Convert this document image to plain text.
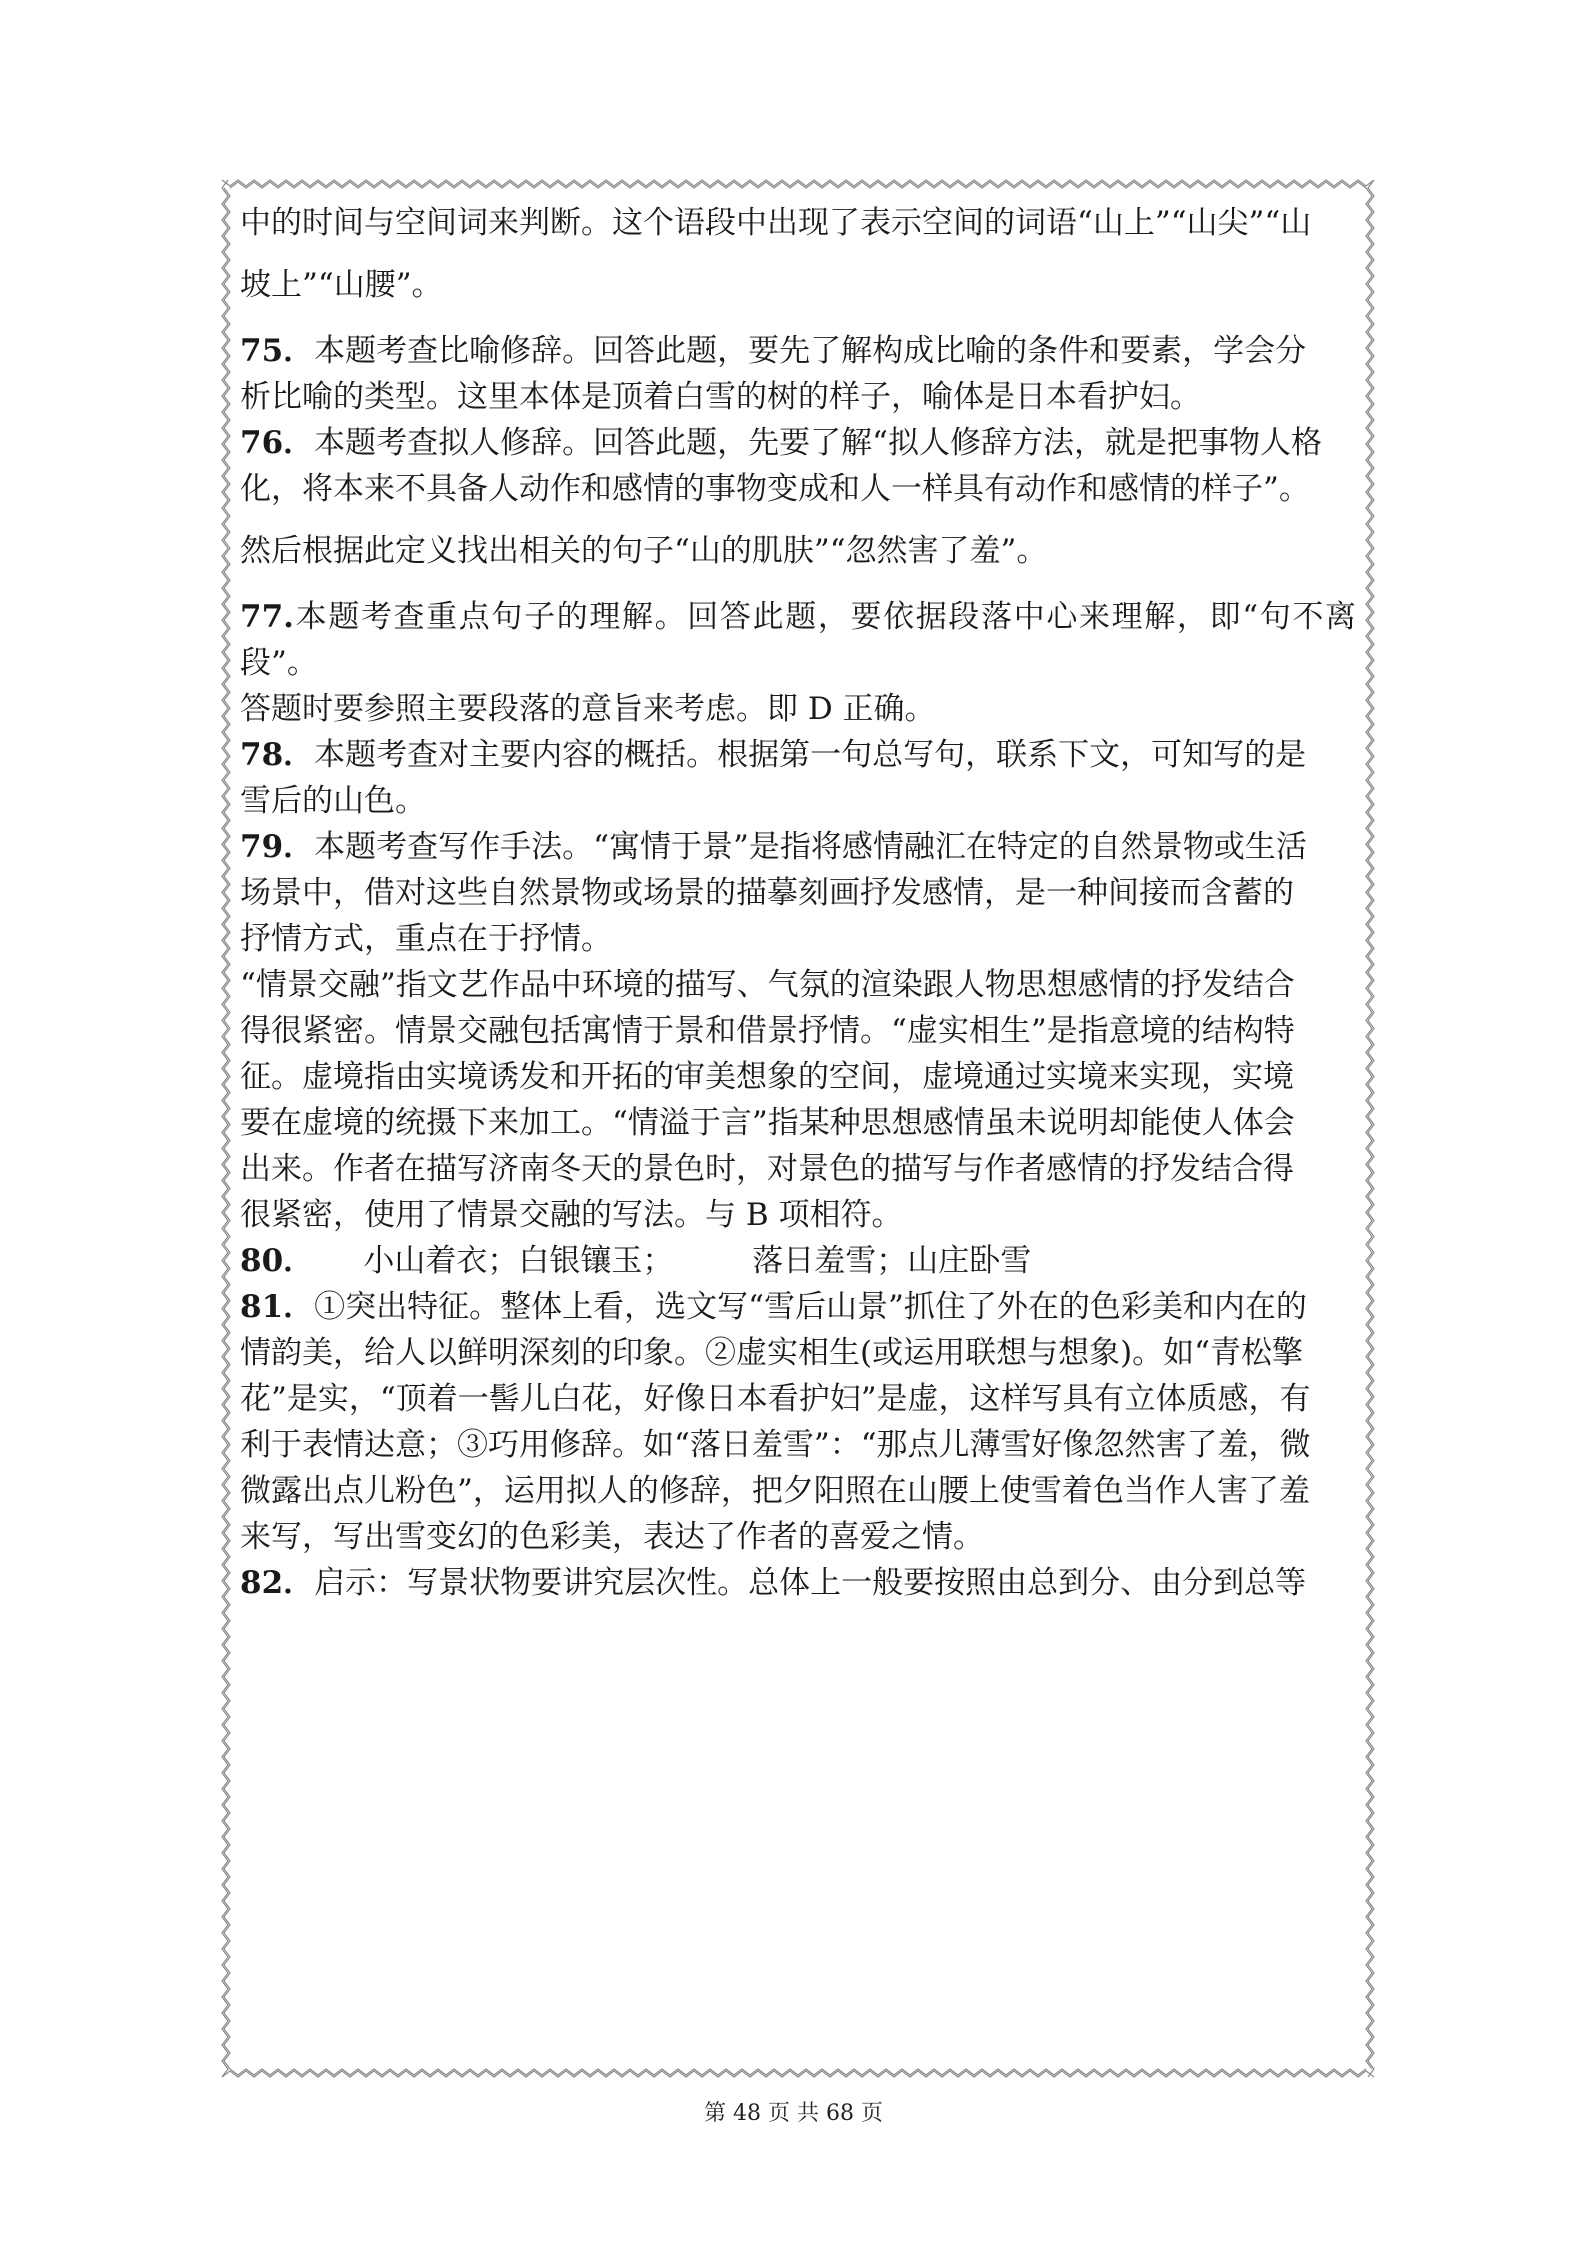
中的时间与空间词来判断。这个语段中出现了表示空间的词语“山上”“山尖”“山

坡上”“山腰”。

75．本题考查比喻修辞。回答此题，要先了解构成比喻的条件和要素，学会分

析比喻的类型。这里本体是顶着白雪的树的样子，喻体是日本看护妇。

76．本题考查拟人修辞。回答此题，先要了解“拟人修辞方法，就是把事物人格

化，将本来不具备人动作和感情的事物变成和人一样具有动作和感情的样子”。

然后根据此定义找出相关的句子“山的肌肤”“忽然害了羞”。

77.本题考查重点句子的理解。回答此题，要依据段落中心来理解，即“句不离段”。

答题时要参照主要段落的意旨来考虑。即 D 正确。

78．本题考查对主要内容的概括。根据第一句总写句，联系下文，可知写的是

雪后的山色。

79．本题考查写作手法。“寓情于景”是指将感情融汇在特定的自然景物或生活

场景中，借对这些自然景物或场景的描摹刻画抒发感情，是一种间接而含蓄的

抒情方式，重点在于抒情。

“情景交融”指文艺作品中环境的描写、气氛的渲染跟人物思想感情的抒发结合

得很紧密。情景交融包括寓情于景和借景抒情。“虚实相生”是指意境的结构特

征。虚境指由实境诱发和开拓的审美想象的空间，虚境通过实境来实现，实境

要在虚境的统摄下来加工。“情溢于言”指某种思想感情虽未说明却能使人体会

出来。作者在描写济南冬天的景色时，对景色的描写与作者感情的抒发结合得

很紧密，使用了情景交融的写法。与 B 项相符。

80．     小山着衣；白银镶玉；        落日羞雪；山庄卧雪

81．①突出特征。整体上看，选文写“雪后山景”抓住了外在的色彩美和内在的

情韵美，给人以鲜明深刻的印象。②虚实相生(或运用联想与想象)。如“青松擎

花”是实，“顶着一髻儿白花，好像日本看护妇”是虚，这样写具有立体质感，有

利于表情达意；③巧用修辞。如“落日羞雪”：“那点儿薄雪好像忽然害了羞，微

微露出点儿粉色”，运用拟人的修辞，把夕阳照在山腰上使雪着色当作人害了羞

来写，写出雪变幻的色彩美，表达了作者的喜爱之情。

82．启示：写景状物要讲究层次性。总体上一般要按照由总到分、由分到总等

第 48 页 共 68 页
